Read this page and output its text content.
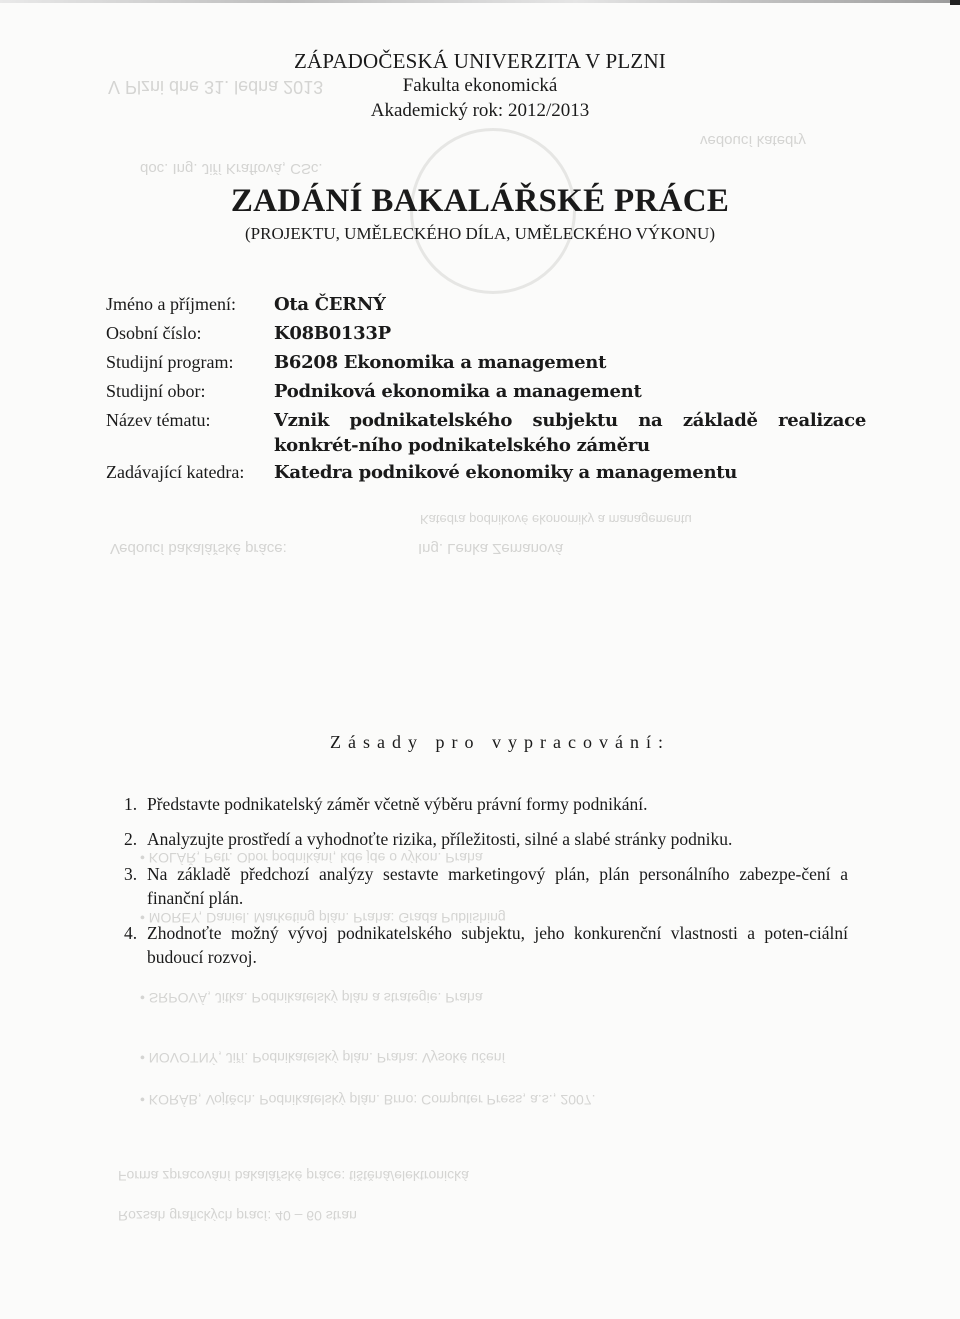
V Plzni dne 31. ledna 2013
doc. Ing. Jiří Kraftová, CSc.
vedoucí katedry
Vedoucí bakalářské práce:	Ing. Lenka Zemanová
Katedra podnikové ekonomiky a managementu
• KOLÁŘ, Petr. Obor podnikání, kde jde o výkon. Praha
• MOREY, Daniel. Marketing plán. Praha: Grada Publishing
• SRPOVÁ, Jitka. Podnikatelský plán a strategie. Praha
• NOVOTNÝ, Jiří. Podnikatelský plán. Praha: Vysoké učení
• KORÁB, Vojtěch. Podnikatelský plán. Brno: Computer Press, a.s., 2007.
Forma zpracování bakalářské práce: tištěná/elektronická
Rozsah grafických prací: 40 – 60 stran

ZÁPADOČESKÁ UNIVERZITA V PLZNI

Fakulta ekonomická

Akademický rok: 2012/2013

ZADÁNÍ BAKALÁŘSKÉ PRÁCE

(PROJEKTU, UMĚLECKÉHO DÍLA, UMĚLECKÉHO VÝKONU)

Jméno a příjmení:	Ota ČERNÝ
Osobní číslo:	K08B0133P
Studijní program:	B6208 Ekonomika a management
Studijní obor:	Podniková ekonomika a management
Název tématu:	Vznik podnikatelského subjektu na základě realizace konkrét-ního podnikatelského záměru
Zadávající katedra:	Katedra podnikové ekonomiky a managementu
Zásady pro vypracování:
1. Představte podnikatelský záměr včetně výběru právní formy podnikání.
2. Analyzujte prostředí a vyhodnoťte rizika, příležitosti, silné a slabé stránky podniku.
3. Na základě předchozí analýzy sestavte marketingový plán, plán personálního zabezpe-čení a finanční plán.
4. Zhodnoťte možný vývoj podnikatelského subjektu, jeho konkurenční vlastnosti a poten-ciální budoucí rozvoj.
